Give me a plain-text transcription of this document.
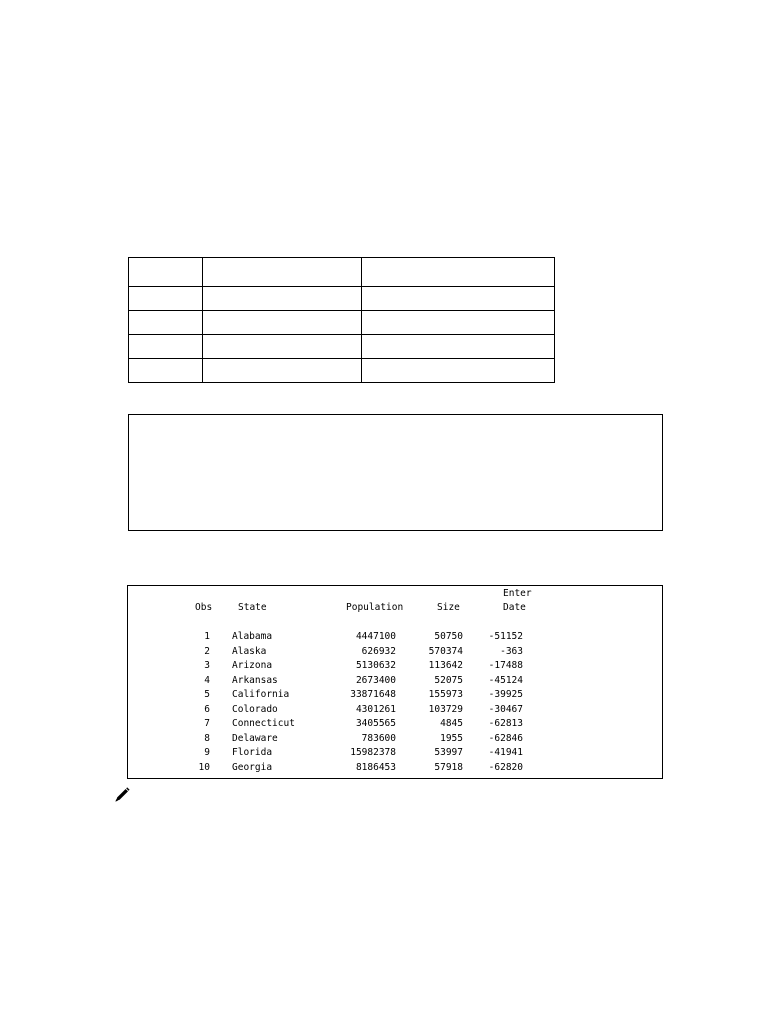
Enter
Obs	State	Population	Size	Date
1 Alabama	4447100	50750	-51152
2 Alaska	626932	570374	-363
3 Arizona	5130632	113642	-17488
4 Arkansas	2673400	52075	-45124
5 California	33871648	155973	-39925
6 Colorado	4301261	103729	-30467
7 Connecticut	3405565	4845	-62813
8 Delaware	783600	1955	-62846
9 Florida	15982378	53997	-41941
10 Georgia	8186453	57918	-62820
